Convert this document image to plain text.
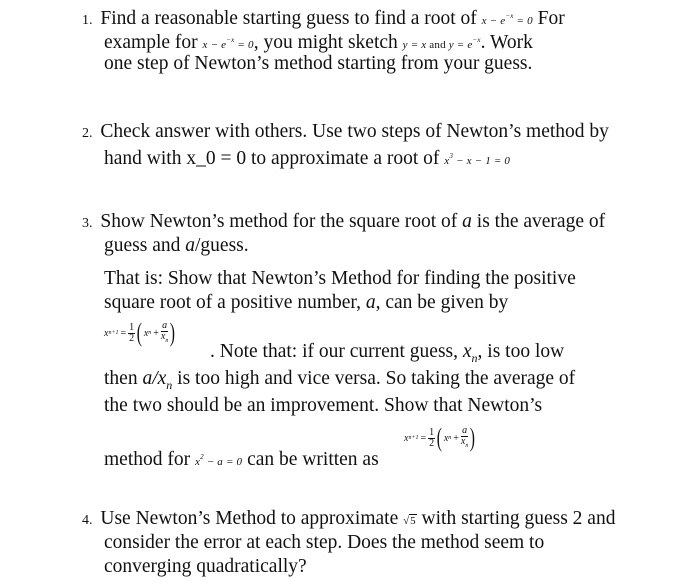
1. Find a reasonable starting guess to find a root of $x - e^{-x} = 0$ For
example for $x - e^{-x} = 0$, you might sketch y = x and $y = e^{-x}$. Work
one step of Newton’s method starting from your guess.
2. Check answer with others. Use two steps of Newton’s method by
hand with x_0 = 0 to approximate a root of $x^3 - x - 1 = 0$
3. Show Newton’s method for the square root of a is the average of
guess and a/guess.
That is: Show that Newton’s Method for finding the positive
square root of a positive number, a, can be given by
x $n+1 = \frac{1}{2}$ ( x $n + \frac{a}{x_n}$ )
. Note that: if our current guess, $x_n$, is too low
then $a/x_n$ is too high and vice versa. So taking the average of
the two should be an improvement. Show that Newton’s
method for $x^2 - a = 0$ can be written as
x $n+1 = \frac{1}{2}$ ( x $n + \frac{a}{x_n}$ )
4. Use Newton’s Method to approximate √5 with starting guess 2 and
consider the error at each step. Does the method seem to
converging quadratically?
